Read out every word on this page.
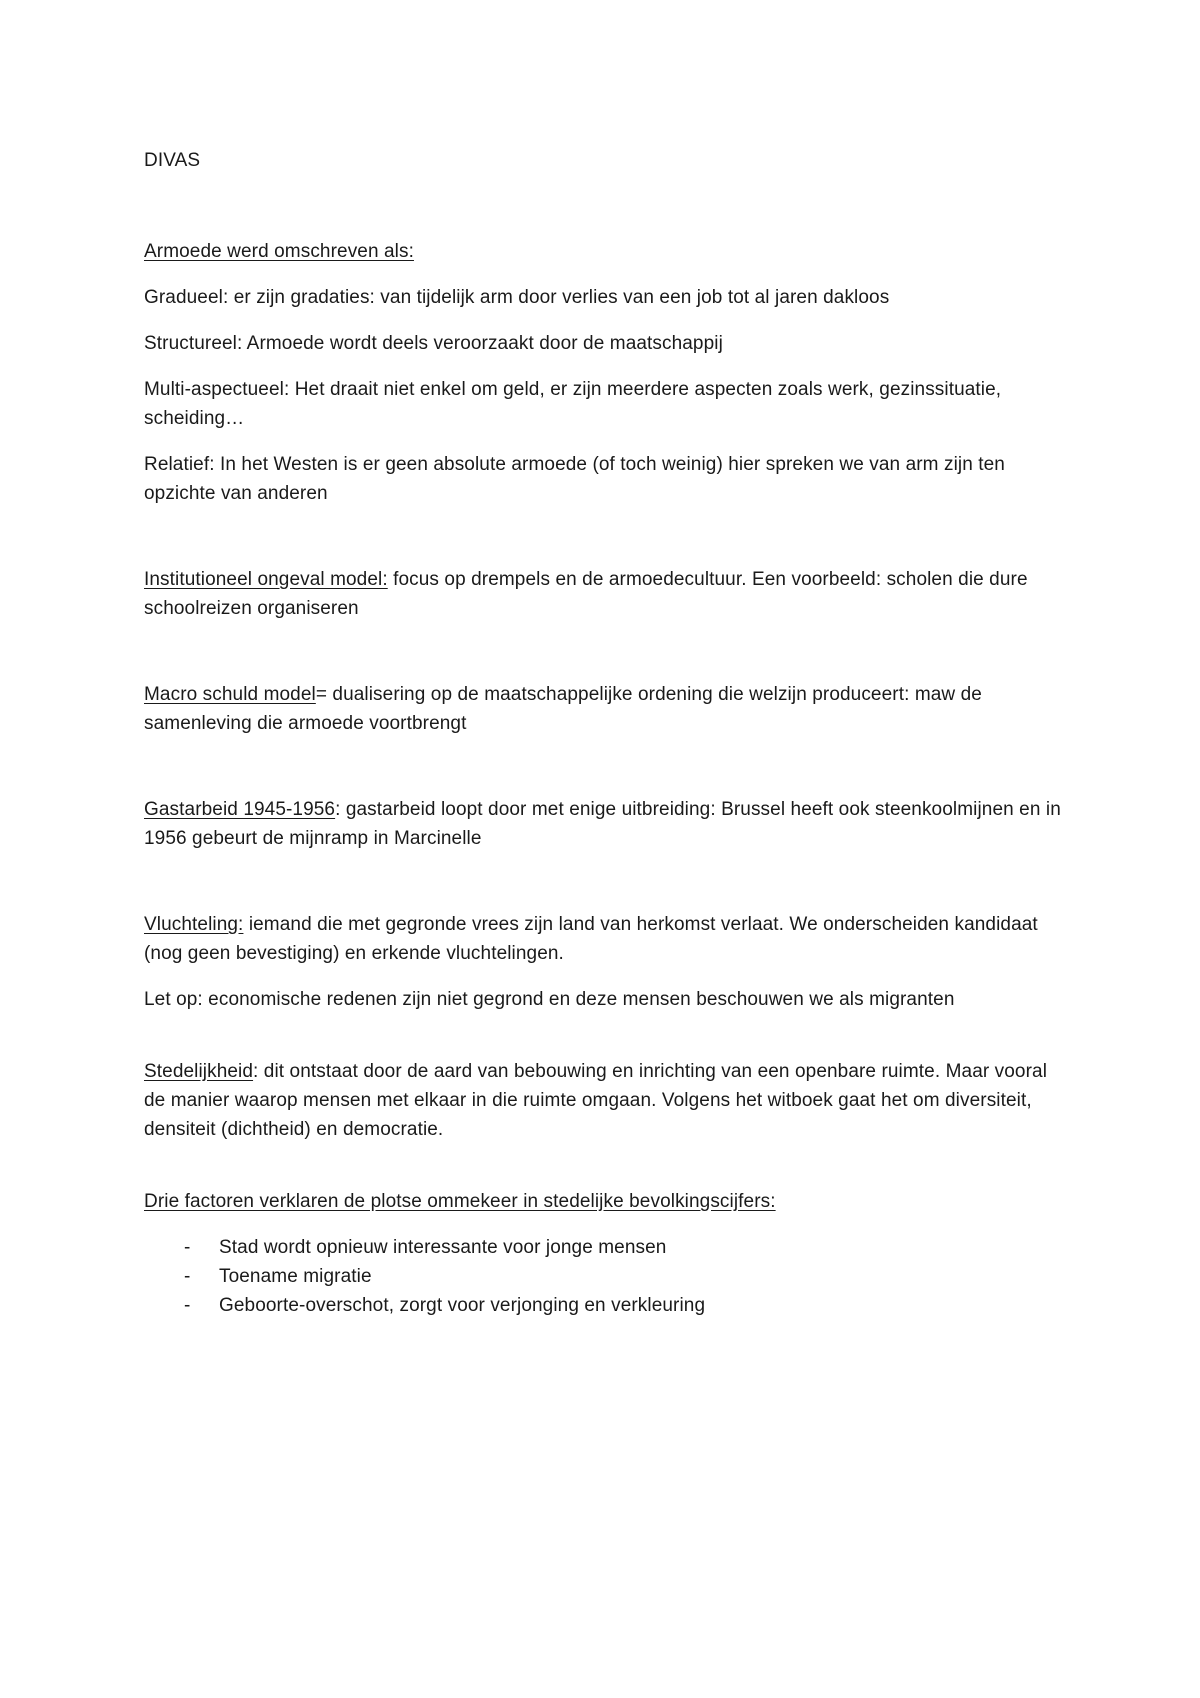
DIVAS

Armoede werd omschreven als:

Gradueel: er zijn gradaties: van tijdelijk arm door verlies van een job tot al jaren dakloos

Structureel: Armoede wordt deels veroorzaakt door de maatschappij

Multi-aspectueel: Het draait niet enkel om geld, er zijn meerdere aspecten zoals werk, gezinssituatie, scheiding…

Relatief: In het Westen is er geen absolute armoede (of toch weinig) hier spreken we van arm zijn ten opzichte van anderen

Institutioneel ongeval model: focus op drempels en de armoedecultuur. Een voorbeeld: scholen die dure schoolreizen organiseren

Macro schuld model= dualisering op de maatschappelijke ordening die welzijn produceert: maw de samenleving die armoede voortbrengt

Gastarbeid 1945-1956: gastarbeid loopt door met enige uitbreiding: Brussel heeft ook steenkoolmijnen en in 1956 gebeurt de mijnramp in Marcinelle

Vluchteling: iemand die met gegronde vrees zijn land van herkomst verlaat. We onderscheiden kandidaat (nog geen bevestiging) en erkende vluchtelingen.

Let op: economische redenen zijn niet gegrond en deze mensen beschouwen we als migranten

Stedelijkheid: dit ontstaat door de aard van bebouwing en inrichting van een openbare ruimte. Maar vooral de manier waarop mensen met elkaar in die ruimte omgaan. Volgens het witboek gaat het om diversiteit, densiteit (dichtheid) en democratie.

Drie factoren verklaren de plotse ommekeer in stedelijke bevolkingscijfers:

- Stad wordt opnieuw interessante voor jonge mensen
- Toename migratie
- Geboorte-overschot, zorgt voor verjonging en verkleuring
